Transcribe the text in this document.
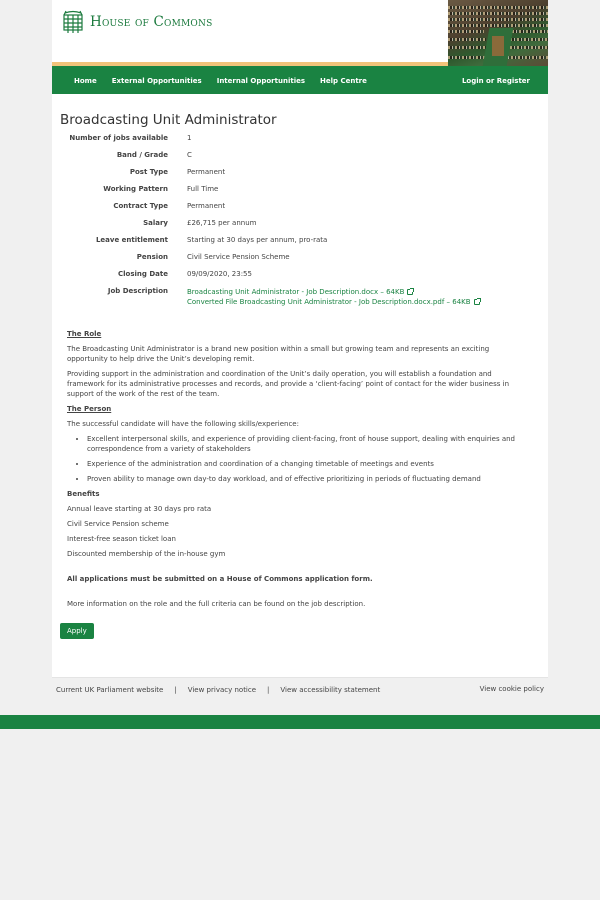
House of Commons
Home External Opportunities Internal Opportunities Help Centre	Login or Register
Broadcasting Unit Administrator
Number of jobs available	1
Band / Grade	C
Post Type	Permanent
Working Pattern	Full Time
Contract Type	Permanent
Salary	£26,715 per annum
Leave entitlement	Starting at 30 days per annum, pro-rata
Pension	Civil Service Pension Scheme
Closing Date	09/09/2020, 23:55
Job Description	Broadcasting Unit Administrator - Job Description.docx – 64KB
Converted File Broadcasting Unit Administrator - Job Description.docx.pdf – 64KB
The Role

The Broadcasting Unit Administrator is a brand new position within a small but growing team and represents an exciting opportunity to help drive the Unit’s developing remit.

Providing support in the administration and coordination of the Unit’s daily operation, you will establish a foundation and framework for its administrative processes and records, and provide a ‘client-facing’ point of contact for the wider business in support of the work of the rest of the team.

The Person

The successful candidate will have the following skills/experience:

• Excellent interpersonal skills, and experience of providing client-facing, front of house support, dealing with enquiries and correspondence from a variety of stakeholders
• Experience of the administration and coordination of a changing timetable of meetings and events
• Proven ability to manage own day-to day workload, and of effective prioritizing in periods of fluctuating demand
Benefits

Annual leave starting at 30 days pro rata

Civil Service Pension scheme

Interest-free season ticket loan

Discounted membership of the in-house gym

All applications must be submitted on a House of Commons application form.

More information on the role and the full criteria can be found on the job description.

Apply
Current UK Parliament website | View privacy notice | View accessibility statement	View cookie policy
